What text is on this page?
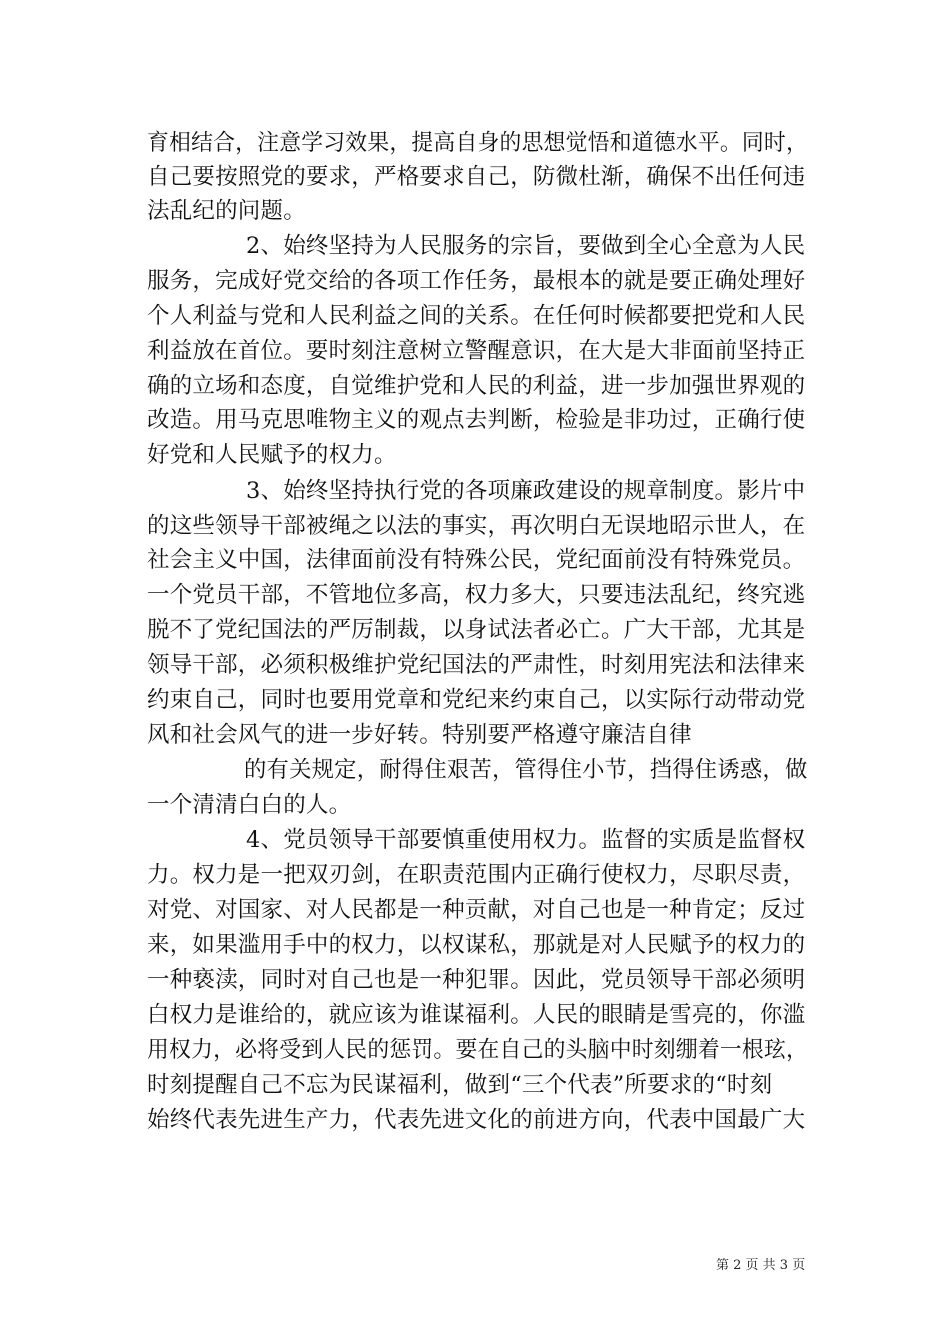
育相结合，注意学习效果，提高自身的思想觉悟和道德水平。同时，
自己要按照党的要求，严格要求自己，防微杜渐，确保不出任何违
法乱纪的问题。
2、始终坚持为人民服务的宗旨，要做到全心全意为人民
服务，完成好党交给的各项工作任务，最根本的就是要正确处理好
个人利益与党和人民利益之间的关系。在任何时候都要把党和人民
利益放在首位。要时刻注意树立警醒意识，在大是大非面前坚持正
确的立场和态度，自觉维护党和人民的利益，进一步加强世界观的
改造。用马克思唯物主义的观点去判断，检验是非功过，正确行使
好党和人民赋予的权力。
3、始终坚持执行党的各项廉政建设的规章制度。影片中
的这些领导干部被绳之以法的事实，再次明白无误地昭示世人，在
社会主义中国，法律面前没有特殊公民，党纪面前没有特殊党员。
一个党员干部，不管地位多高，权力多大，只要违法乱纪，终究逃
脱不了党纪国法的严厉制裁，以身试法者必亡。广大干部，尤其是
领导干部，必须积极维护党纪国法的严肃性，时刻用宪法和法律来
约束自己，同时也要用党章和党纪来约束自己，以实际行动带动党
风和社会风气的进一步好转。特别要严格遵守廉洁自律
的有关规定，耐得住艰苦，管得住小节，挡得住诱惑，做
一个清清白白的人。
4、党员领导干部要慎重使用权力。监督的实质是监督权
力。权力是一把双刃剑，在职责范围内正确行使权力，尽职尽责，
对党、对国家、对人民都是一种贡献，对自己也是一种肯定；反过
来，如果滥用手中的权力，以权谋私，那就是对人民赋予的权力的
一种亵渎，同时对自己也是一种犯罪。因此，党员领导干部必须明
白权力是谁给的，就应该为谁谋福利。人民的眼睛是雪亮的，你滥
用权力，必将受到人民的惩罚。要在自己的头脑中时刻绷着一根玹，
时刻提醒自己不忘为民谋福利，做到“三个代表”所要求的“时刻
始终代表先进生产力，代表先进文化的前进方向，代表中国最广大
第 2 页 共 3 页
